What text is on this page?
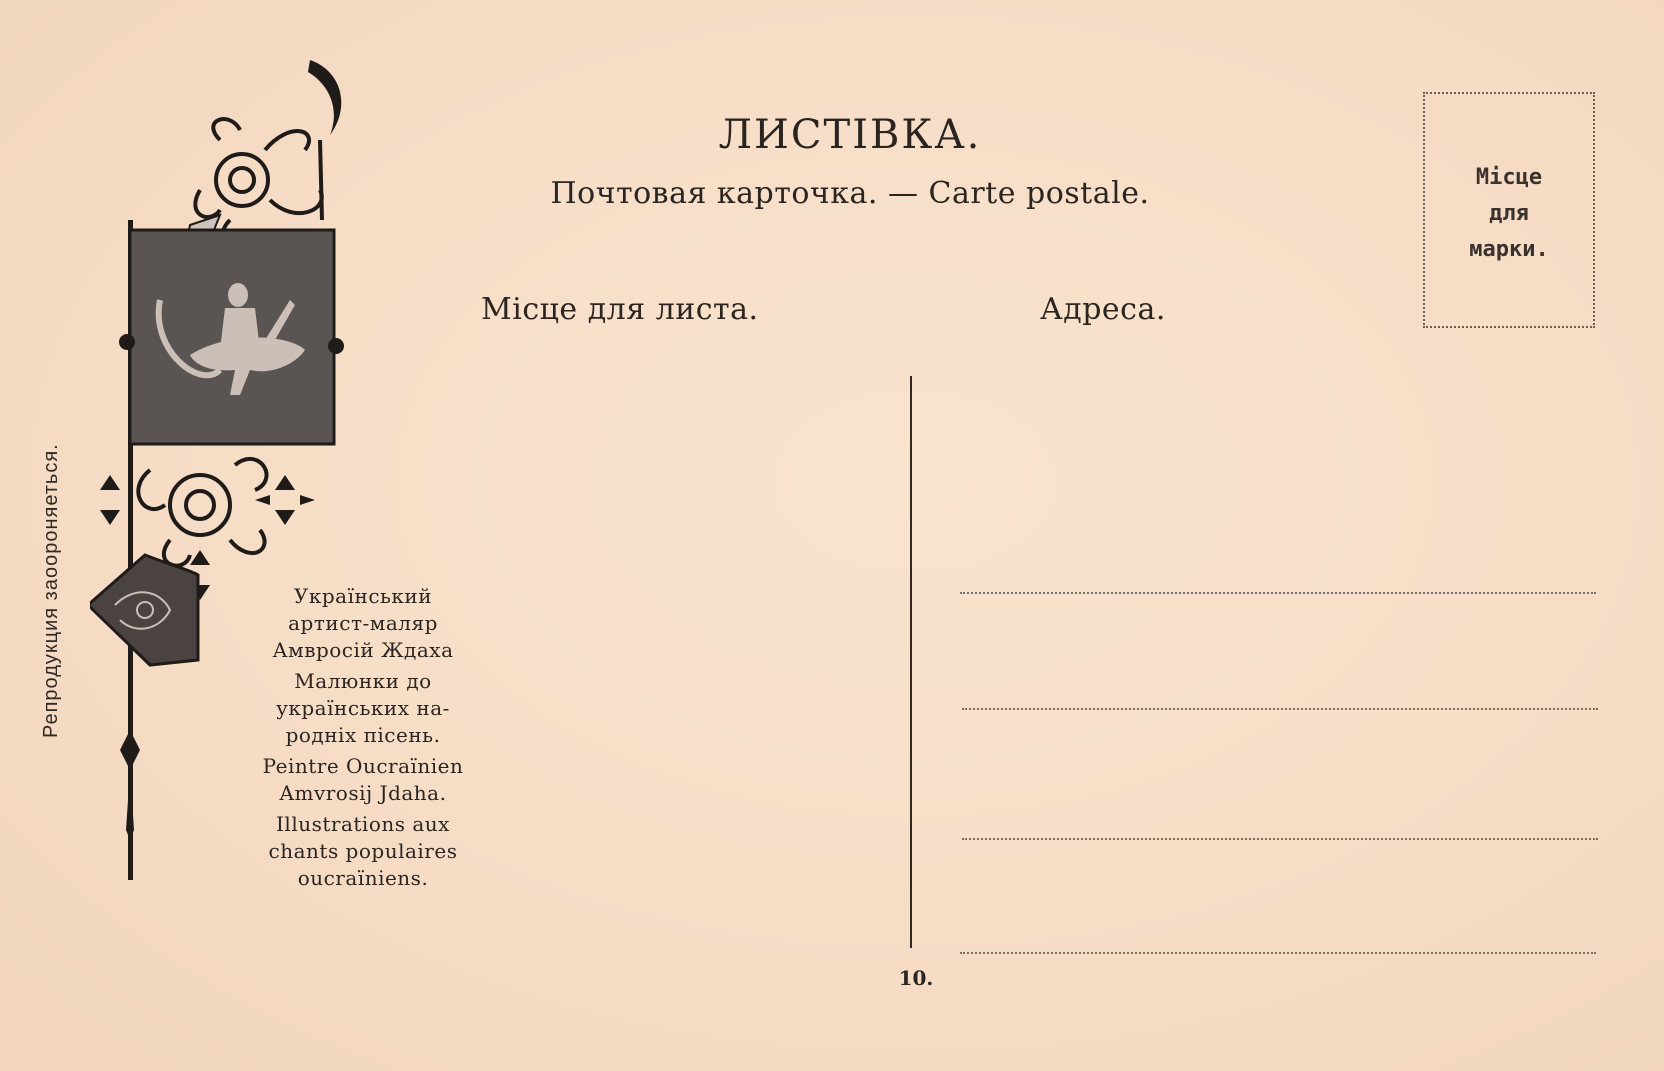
ЛИСТІВКА.
Почтовая карточка. — Carte postale.	Місце
для
марки.
Місце для листа.	Адреса.
10.
Репродукция заоороняеться.	Український
артист-маляр
Амвросій Ждаха
Малюнки до
українських на-
родніх пісень.
Peintre Oucraïnien
Amvrosij Jdaha.
Illustrations aux
chants populaires
oucraïniens.
